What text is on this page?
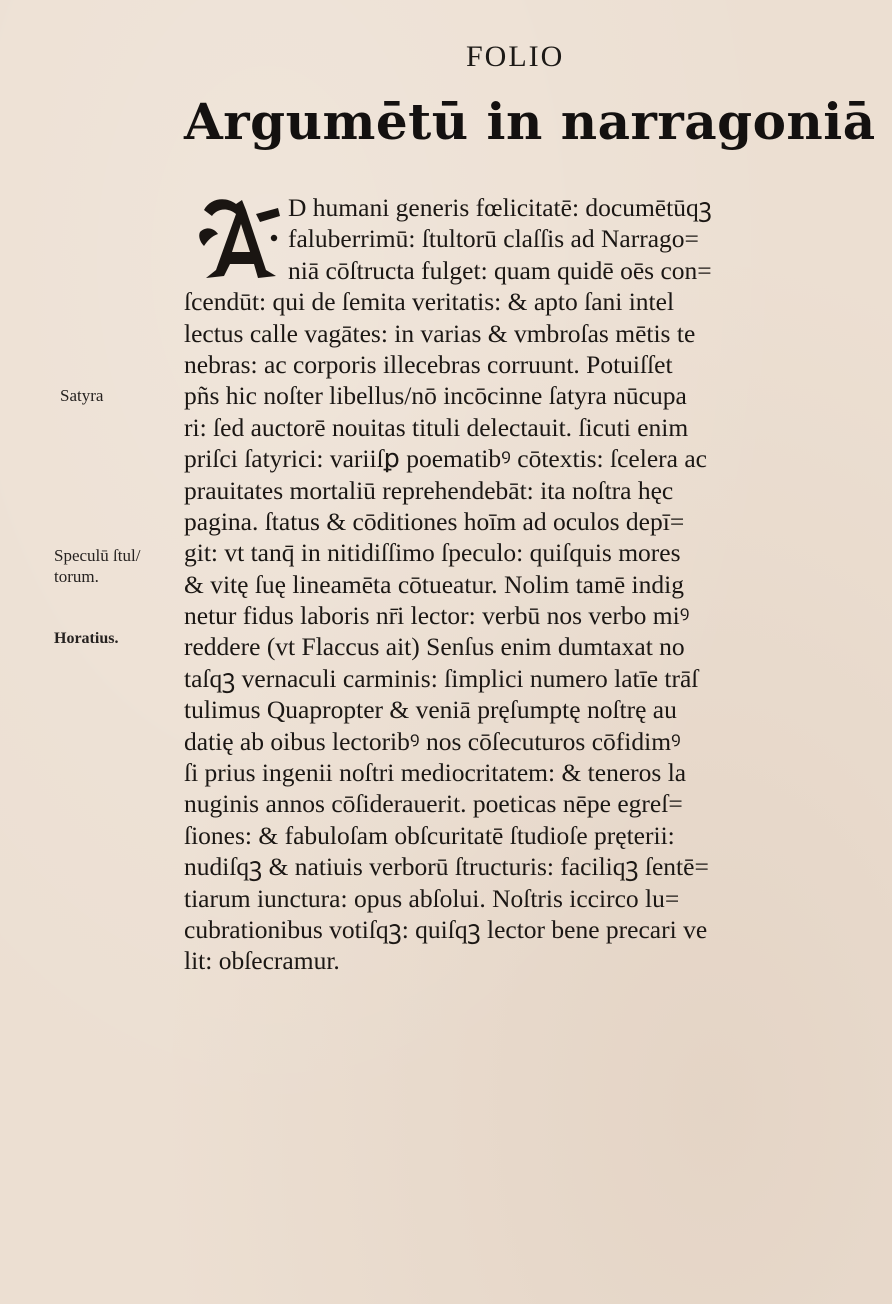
FOLIO
Argumētū in narragoniā
D humani generis fœlicitatē: documētūqꝫ
faluberrimū: ſtultorū claſſis ad Narrago=
niā cōſtructa fulget: quam quidē oēs con=
ſcendūt: qui de ſemita veritatis: & apto ſani intel
lectus calle vagātes: in varias & vmbroſas mētis te
nebras: ac corporis illecebras corruunt. Potuiſſet
pñs hic noſter libellus/nō incōcinne ſatyra nūcupa
ri: ſed auctorē nouitas tituli delectauit. ſicuti enim
priſci ſatyrici: variiſꝑ poematibꝰ cōtextis: ſcelera ac
prauitates mortaliū reprehendebāt: ita noſtra hęc
pagina. ſtatus & cōditiones hoīm ad oculos depī=
git: vt tanq̄ in nitidiſſimo ſpeculo: quiſquis mores
& vitę ſuę lineamēta cōtueatur. Nolim tamē indig
netur fidus laboris nr̄i lector: verbū nos verbo miꝰ
reddere (vt Flaccus ait) Senſus enim dumtaxat no
taſqꝫ vernaculi carminis: ſimplici numero latīe trāſ
tulimus Quapropter & veniā pręſumptę noſtrę au
datię ab oibus lectoribꝰ nos cōſecuturos cōfidimꝰ
ſi prius ingenii noſtri mediocritatem: & teneros la
nuginis annos cōſiderauerit. poeticas nēpe egreſ=
ſiones: & fabuloſam obſcuritatē ſtudioſe pręterii:
nudiſqꝫ & natiuis verborū ſtructuris: faciliqꝫ ſentē=
tiarum iunctura: opus abſolui. Noſtris iccirco lu=
cubrationibus votiſqꝫ: quiſqꝫ lector bene precari ve
lit: obſecramur.
Satyra
Speculū ſtul/
torum.
Horatius.
